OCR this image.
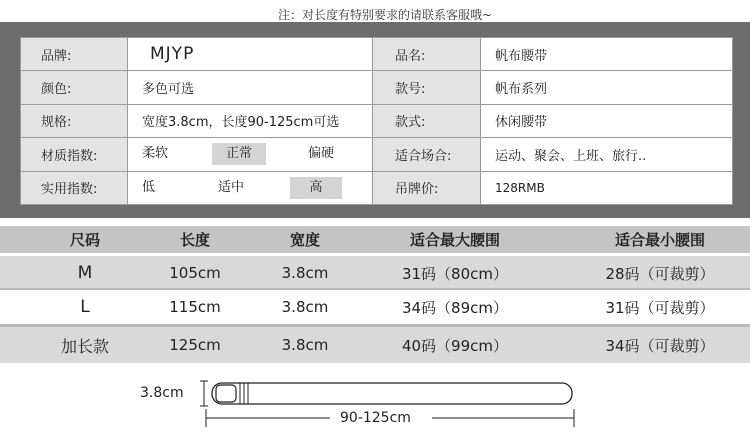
注：对长度有特别要求的请联系客服哦~
品牌:	MJYP	品名:	帆布腰带
颜色:	多色可选	款号:	帆布系列
规格:	宽度3.8cm，长度90-125cm可选	款式:	休闲腰带
材质指数:	柔软 正常 偏硬	适合场合:	运动、聚会、上班、旅行..
实用指数:	低 适中 高	吊牌价:	128RMB
尺码	长度	宽度	适合最大腰围	适合最小腰围
M	105cm	3.8cm	31码（80cm）	28码（可裁剪）
L	115cm	3.8cm	34码（89cm）	31码（可裁剪）
加长款	125cm	3.8cm	40码（99cm）	34码（可裁剪）
3.8cm
90-125cm
